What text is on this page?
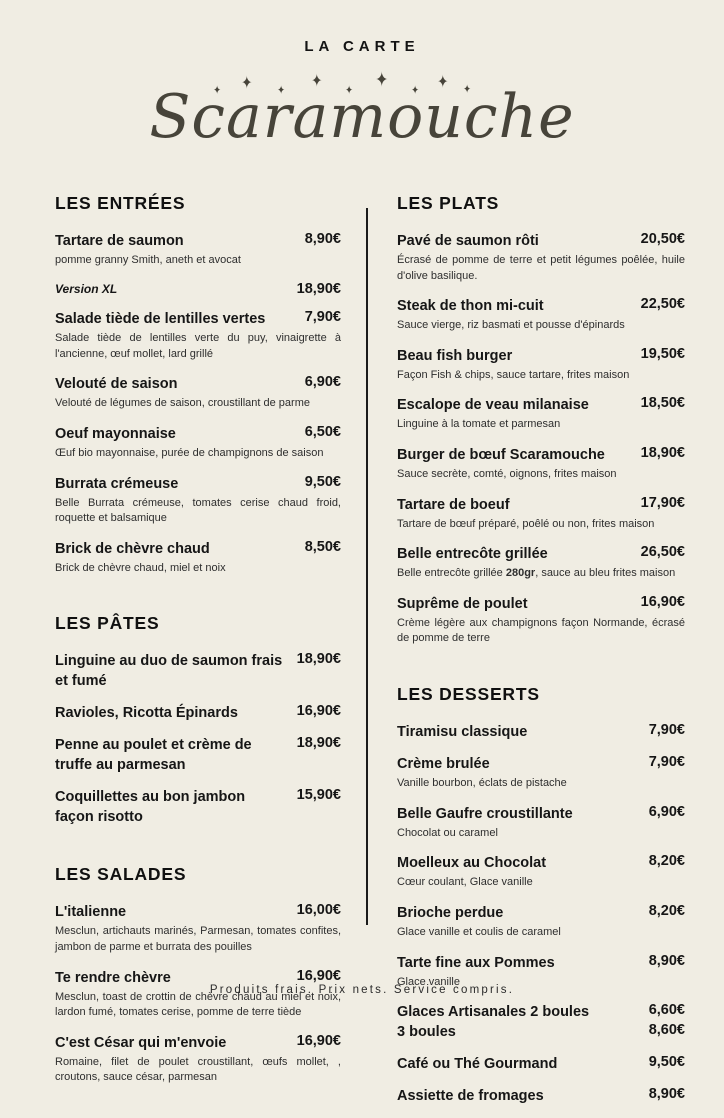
LA CARTE
✦
✦
✦
✦
✦
✦
✦
✦
✦
Scaramouche
LES ENTRÉES
Tartare de saumon	8,90€
pomme granny Smith, aneth et avocat
Version XL	18,90€
Salade tiède de lentilles vertes	7,90€
Salade tiède de lentilles verte du puy, vinaigrette à l'ancienne, œuf mollet, lard grillé
Velouté de saison	6,90€
Velouté de légumes de saison, croustillant de parme
Oeuf mayonnaise	6,50€
Œuf bio mayonnaise, purée de champignons de saison
Burrata crémeuse	9,50€
Belle Burrata crémeuse, tomates cerise chaud froid, roquette et balsamique
Brick de chèvre chaud	8,50€
Brick de chèvre chaud, miel et noix
LES PÂTES
Linguine au duo de saumon frais et fumé
18,90€
Ravioles, Ricotta Épinards	16,90€
Penne au poulet et crème de truffe au parmesan
18,90€
Coquillettes au bon jambon façon risotto
15,90€
LES SALADES
L'italienne	16,00€
Mesclun, artichauts marinés, Parmesan, tomates confites, jambon de parme et burrata des pouilles
Te rendre chèvre	16,90€
Mesclun, toast de crottin de chèvre chaud au miel et noix, lardon fumé, tomates cerise, pomme de terre tiède
C'est César qui m'envoie	16,90€
Romaine, filet de poulet croustillant, œufs mollet, , croutons, sauce césar, parmesan
LES PLATS
Pavé de saumon rôti	20,50€
Écrasé de pomme de terre et petit légumes poêlée, huile d'olive basilique.
Steak de thon mi-cuit	22,50€
Sauce vierge, riz basmati et pousse d'épinards
Beau fish burger	19,50€
Façon Fish & chips, sauce tartare, frites maison
Escalope de veau milanaise	18,50€
Linguine à la tomate et parmesan
Burger de bœuf Scaramouche 18,90€
Sauce secrète, comté, oignons, frites maison
Tartare de boeuf	17,90€
Tartare de bœuf préparé, poêlé ou non, frites maison
Belle entrecôte grillée	26,50€
Belle entrecôte grillée 280gr, sauce au bleu frites maison
Suprême de poulet	16,90€
Crème légère aux champignons façon Normande, écrasé de pomme de terre
LES DESSERTS
Tiramisu classique	7,90€
Crème brulée	7,90€
Vanille bourbon, éclats de pistache
Belle Gaufre croustillante	6,90€
Chocolat ou caramel
Moelleux au Chocolat	8,20€
Cœur coulant, Glace vanille
Brioche perdue	8,20€
Glace vanille et coulis de caramel
Tarte fine aux Pommes	8,90€
Glace vanille
Glaces Artisanales 2 boules	6,60€
3 boules	8,60€
Café ou Thé Gourmand	9,50€
Assiette de fromages	8,90€
Produits frais. Prix nets. Service compris.
